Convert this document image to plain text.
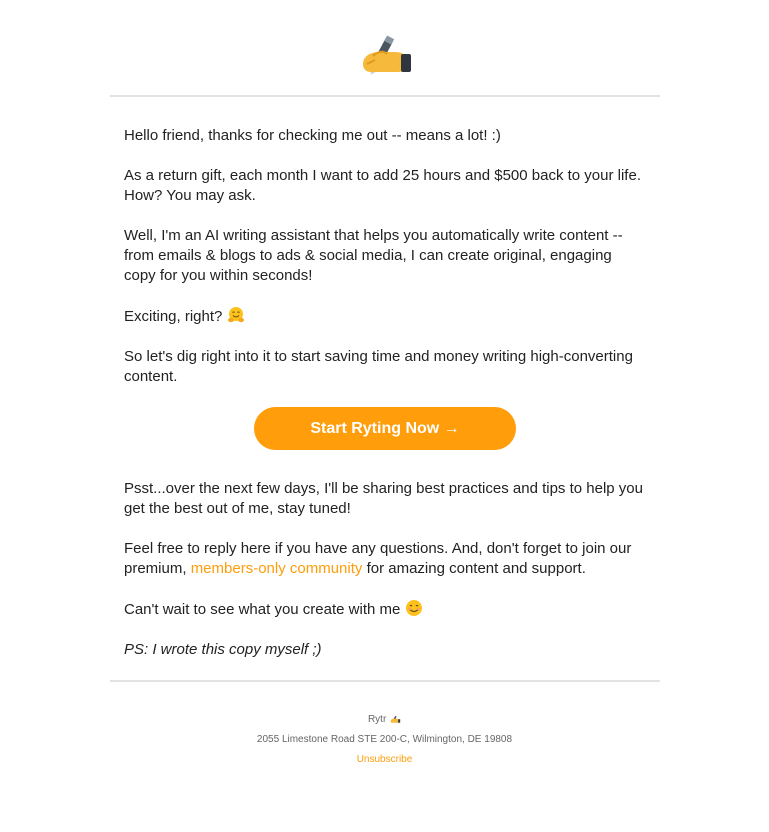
Hello friend, thanks for checking me out -- means a lot! :)

As a return gift, each month I want to add 25 hours and $500 back to your life. How? You may ask.

Well, I'm an AI writing assistant that helps you automatically write content -- from emails & blogs to ads & social media, I can create original, engaging copy for you within seconds!

Exciting, right?

So let's dig right into it to start saving time and money writing high-converting content.

Start Ryting Now →

Psst...over the next few days, I'll be sharing best practices and tips to help you get the best out of me, stay tuned!

Feel free to reply here if you have any questions. And, don't forget to join our premium, members-only community for amazing content and support.

Can't wait to see what you create with me

PS: I wrote this copy myself ;)

Rytr
2055 Limestone Road STE 200-C, Wilmington, DE 19808
Unsubscribe
